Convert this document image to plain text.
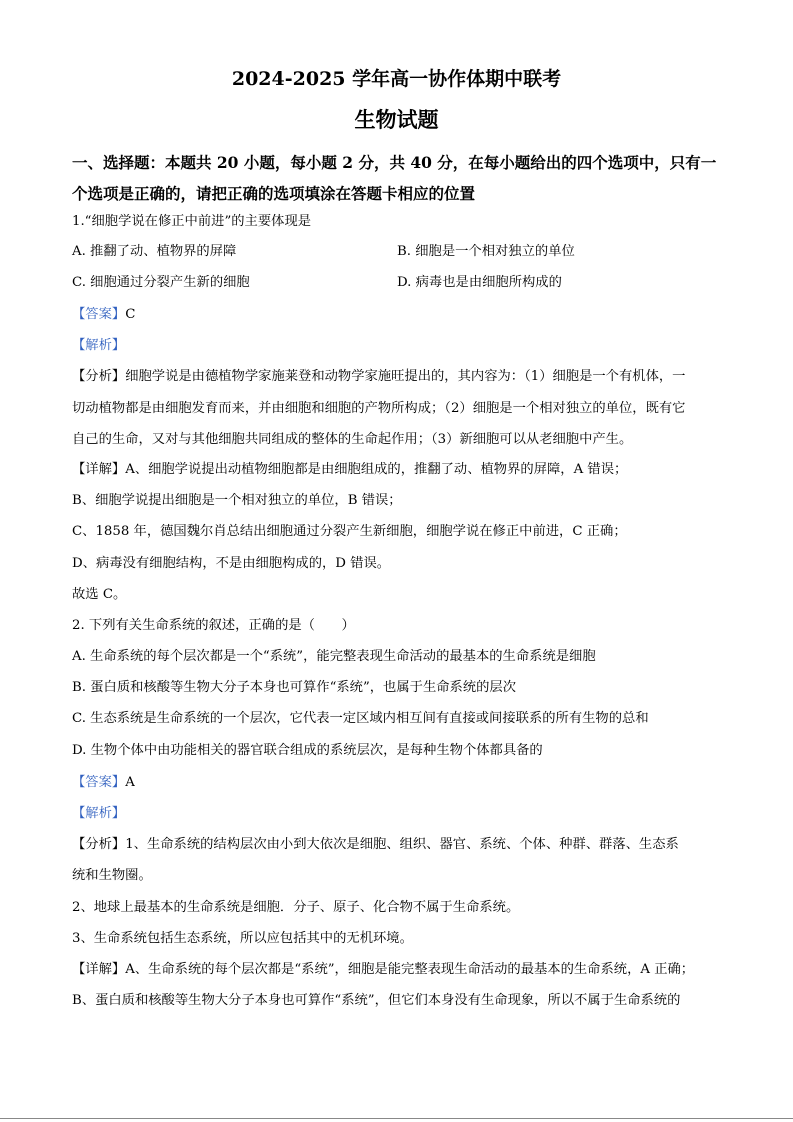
2024-2025 学年高一协作体期中联考
生物试题
一、选择题：本题共 20 小题，每小题 2 分，共 40 分，在每小题给出的四个选项中，只有一
个选项是正确的，请把正确的选项填涂在答题卡相应的位置
1.“细胞学说在修正中前进”的主要体现是
A. 推翻了动、植物界的屏障	B. 细胞是一个相对独立的单位
C. 细胞通过分裂产生新的细胞	D. 病毒也是由细胞所构成的
【答案】C
【解析】
【分析】细胞学说是由德植物学家施莱登和动物学家施旺提出的，其内容为：（1）细胞是一个有机体，一
切动植物都是由细胞发育而来，并由细胞和细胞的产物所构成；（2）细胞是一个相对独立的单位，既有它
自己的生命，又对与其他细胞共同组成的整体的生命起作用；（3）新细胞可以从老细胞中产生。
【详解】A、细胞学说提出动植物细胞都是由细胞组成的，推翻了动、植物界的屏障，A 错误；
B、细胞学说提出细胞是一个相对独立的单位，B 错误；
C、1858 年，德国魏尔肖总结出细胞通过分裂产生新细胞，细胞学说在修正中前进，C 正确；
D、病毒没有细胞结构，不是由细胞构成的，D 错误。
故选 C。
2. 下列有关生命系统的叙述，正确的是（　　）
A. 生命系统的每个层次都是一个“系统”，能完整表现生命活动的最基本的生命系统是细胞
B. 蛋白质和核酸等生物大分子本身也可算作“系统”，也属于生命系统的层次
C. 生态系统是生命系统的一个层次，它代表一定区域内相互间有直接或间接联系的所有生物的总和
D. 生物个体中由功能相关的器官联合组成的系统层次，是每种生物个体都具备的
【答案】A
【解析】
【分析】1、生命系统的结构层次由小到大依次是细胞、组织、器官、系统、个体、种群、群落、生态系
统和生物圈。
2、地球上最基本的生命系统是细胞．分子、原子、化合物不属于生命系统。
3、生命系统包括生态系统，所以应包括其中的无机环境。
【详解】A、生命系统的每个层次都是“系统”，细胞是能完整表现生命活动的最基本的生命系统，A 正确；
B、蛋白质和核酸等生物大分子本身也可算作“系统”，但它们本身没有生命现象，所以不属于生命系统的
